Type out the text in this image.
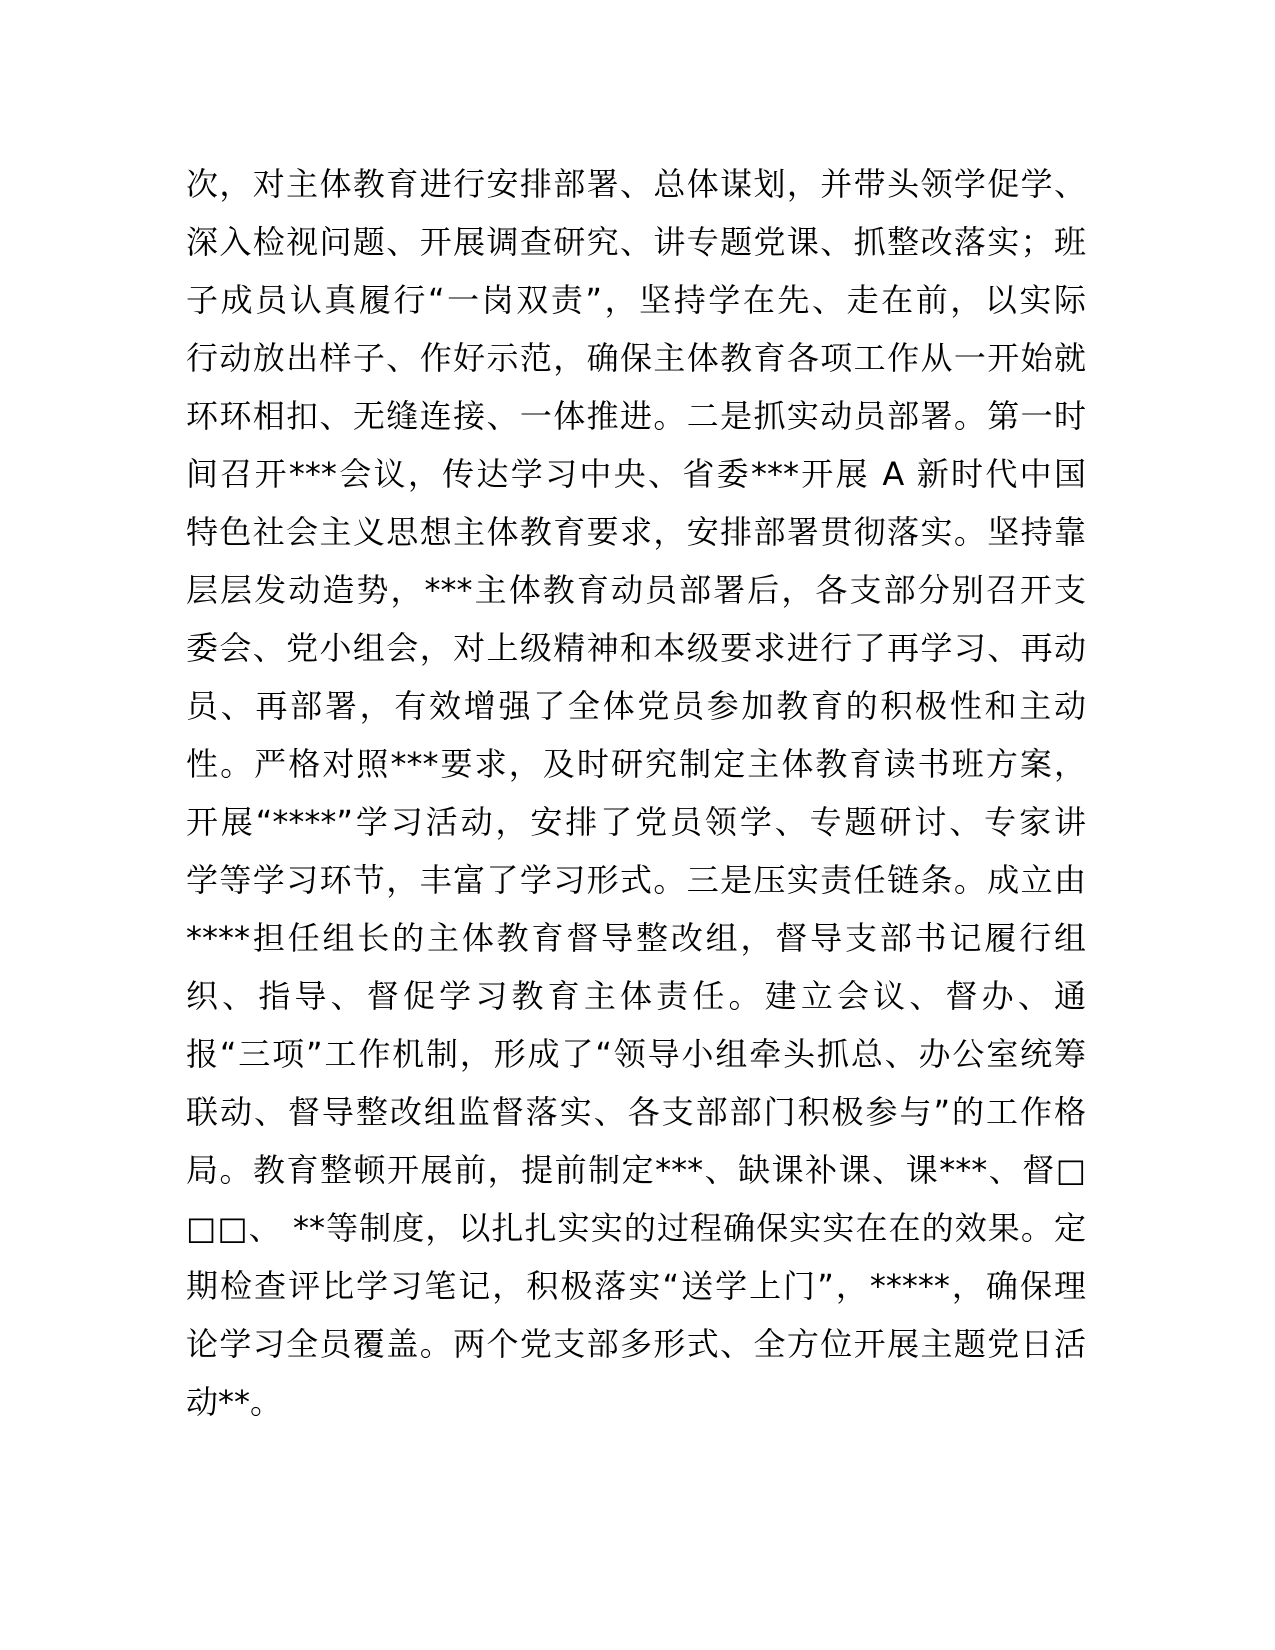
次，对主体教育进行安排部署、总体谋划，并带头领学促学、
深入检视问题、开展调查研究、讲专题党课、抓整改落实；班
子成员认真履行“一岗双责”，坚持学在先、走在前，以实际
行动放出样子、作好示范，确保主体教育各项工作从一开始就
环环相扣、无缝连接、一体推进。二是抓实动员部署。第一时
间召开***会议，传达学习中央、省委***开展 A 新时代中国
特色社会主义思想主体教育要求，安排部署贯彻落实。坚持靠
层层发动造势，***主体教育动员部署后，各支部分别召开支
委会、党小组会，对上级精神和本级要求进行了再学习、再动
员、再部署，有效增强了全体党员参加教育的积极性和主动
性。严格对照***要求，及时研究制定主体教育读书班方案，
开展“****”学习活动，安排了党员领学、专题研讨、专家讲
学等学习环节，丰富了学习形式。三是压实责任链条。成立由
****担任组长的主体教育督导整改组，督导支部书记履行组
织、指导、督促学习教育主体责任。建立会议、督办、通
报“三项”工作机制，形成了“领导小组牵头抓总、办公室统筹
联动、督导整改组监督落实、各支部部门积极参与”的工作格
局。教育整顿开展前，提前制定***、缺课补课、课***、督□
□□、 **等制度，以扎扎实实的过程确保实实在在的效果。定
期检查评比学习笔记，积极落实“送学上门”，*****，确保理
论学习全员覆盖。两个党支部多形式、全方位开展主题党日活
动**。
